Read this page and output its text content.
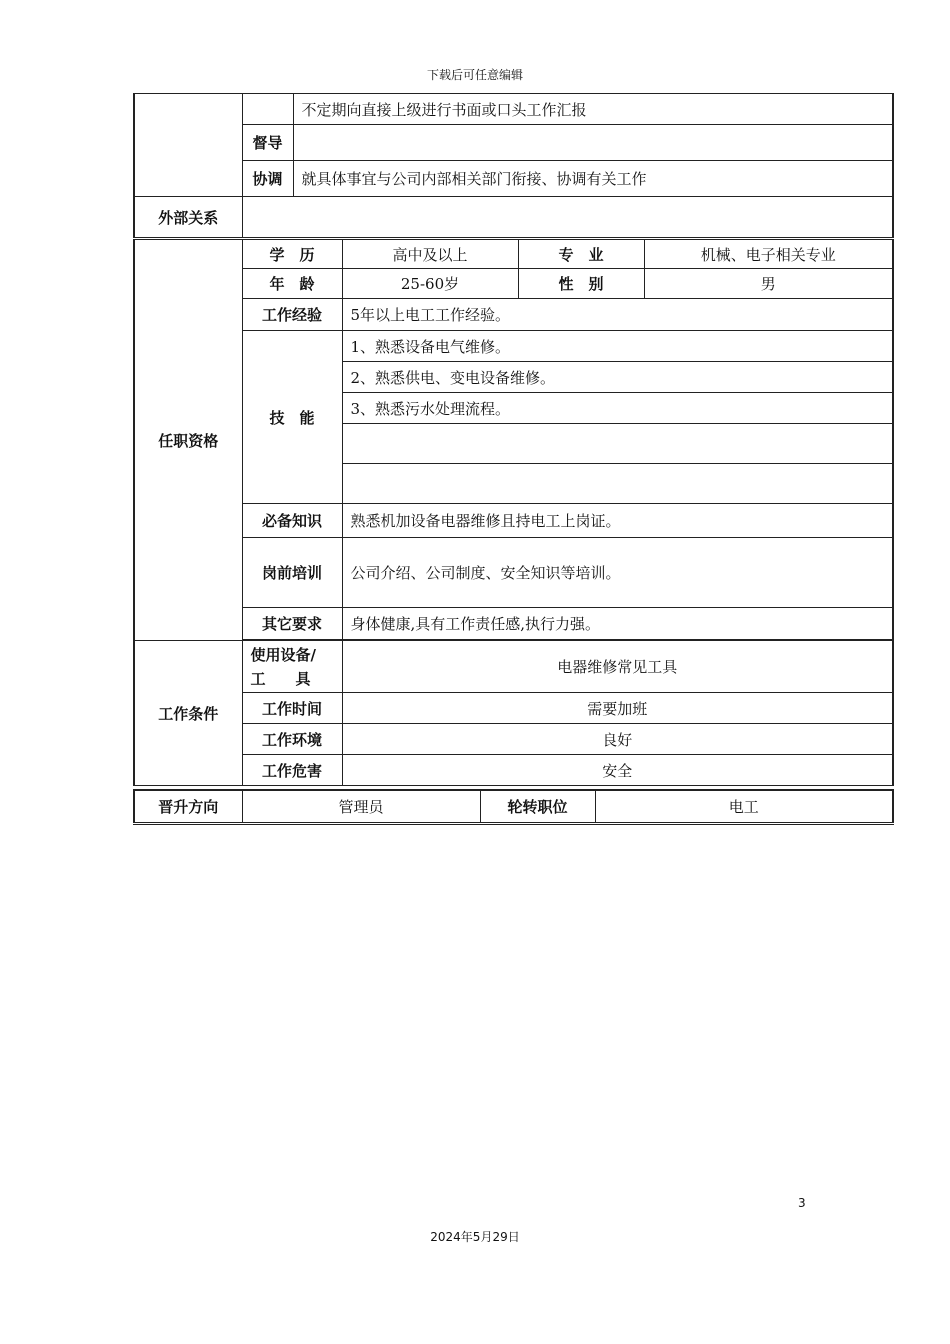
下载后可任意编辑
		不定期向直接上级进行书面或口头工作汇报
	督导	
	协调	就具体事宜与公司内部相关部门衔接、协调有关工作
外部关系		
任职资格	学　历	高中及以上	专　业	机械、电子相关专业
	年　龄	25-60岁	性　别	男
	工作经验	5年以上电工工作经验。		
	技　能	1、熟悉设备电气维修。		
		2、熟悉供电、变电设备维修。		
		3、熟悉污水处理流程。		

	必备知识	熟悉机加设备电器维修且持电工上岗证。		
	岗前培训	公司介绍、公司制度、安全知识等培训。		
	其它要求	身体健康,具有工作责任感,执行力强。		

工作条件	使用设备/
工　　具	电器维修常见工具		
	工作时间	需要加班		
	工作环境	良好		
	工作危害	安全		
晋升方向	管理员	轮转职位	电工
3
2024年5月29日
